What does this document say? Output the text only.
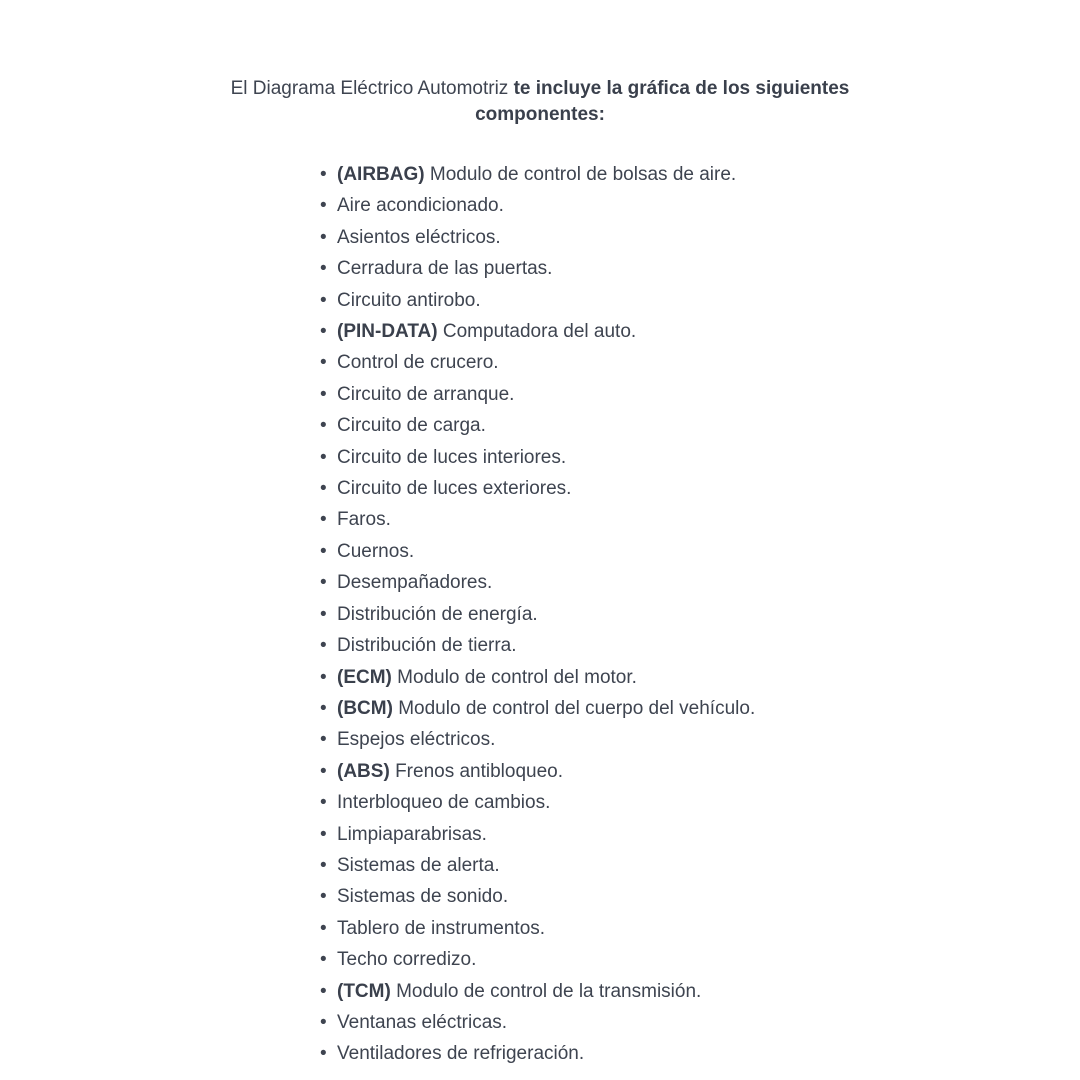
El Diagrama Eléctrico Automotriz te incluye la gráfica de los siguientes componentes:
• (AIRBAG) Modulo de control de bolsas de aire.
• Aire acondicionado.
• Asientos eléctricos.
• Cerradura de las puertas.
• Circuito antirobo.
• (PIN-DATA) Computadora del auto.
• Control de crucero.
• Circuito de arranque.
• Circuito de carga.
• Circuito de luces interiores.
• Circuito de luces exteriores.
• Faros.
• Cuernos.
• Desempañadores.
• Distribución de energía.
• Distribución de tierra.
• (ECM) Modulo de control del motor.
• (BCM) Modulo de control del cuerpo del vehículo.
• Espejos eléctricos.
• (ABS) Frenos antibloqueo.
• Interbloqueo de cambios.
• Limpiaparabrisas.
• Sistemas de alerta.
• Sistemas de sonido.
• Tablero de instrumentos.
• Techo corredizo.
• (TCM) Modulo de control de la transmisión.
• Ventanas eléctricas.
• Ventiladores de refrigeración.
